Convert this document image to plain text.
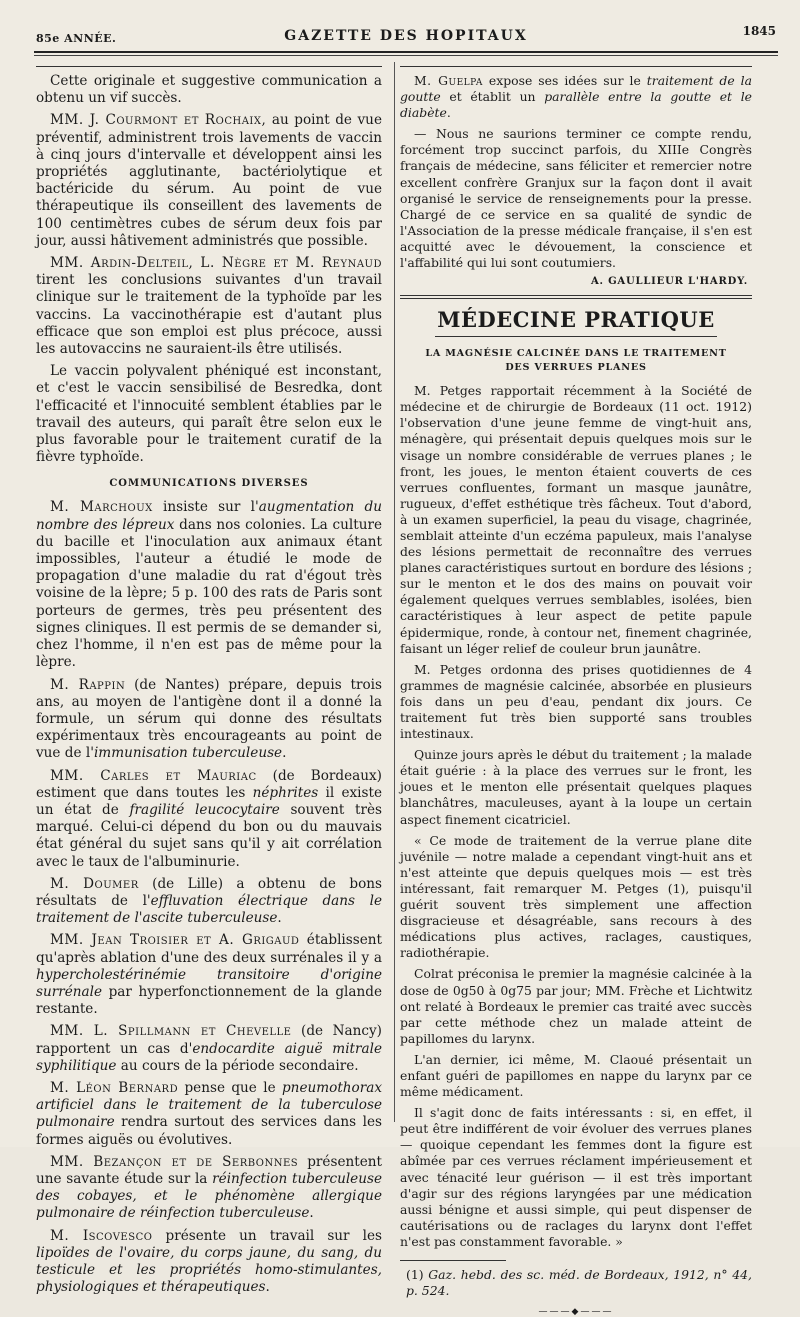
85e ANNÉE.	GAZETTE DES HOPITAUX	1845

Cette originale et suggestive communication a obtenu un vif succès.

MM. J. Courmont et Rochaix, au point de vue préventif, administrent trois lavements de vaccin à cinq jours d'intervalle et développent ainsi les propriétés agglutinante, bactériolytique et bactéricide du sérum. Au point de vue thérapeutique ils conseillent des lavements de 100 centimètres cubes de sérum deux fois par jour, aussi hâtivement administrés que possible.

MM. Ardin-Delteil, L. Nègre et M. Reynaud tirent les conclusions suivantes d'un travail clinique sur le traitement de la typhoïde par les vaccins. La vaccinothérapie est d'autant plus efficace que son emploi est plus précoce, aussi les autovaccins ne sauraient-ils être utilisés.

Le vaccin polyvalent phéniqué est inconstant, et c'est le vaccin sensibilisé de Besredka, dont l'efficacité et l'innocuité semblent établies par le travail des auteurs, qui paraît être selon eux le plus favorable pour le traitement curatif de la fièvre typhoïde.

COMMUNICATIONS DIVERSES

M. Marchoux insiste sur l'augmentation du nombre des lépreux dans nos colonies. La culture du bacille et l'inoculation aux animaux étant impossibles, l'auteur a étudié le mode de propagation d'une maladie du rat d'égout très voisine de la lèpre; 5 p. 100 des rats de Paris sont porteurs de germes, très peu présentent des signes cliniques. Il est permis de se demander si, chez l'homme, il n'en est pas de même pour la lèpre.

M. Rappin (de Nantes) prépare, depuis trois ans, au moyen de l'antigène dont il a donné la formule, un sérum qui donne des résultats expérimentaux très encourageants au point de vue de l'immunisation tuberculeuse.

MM. Carles et Mauriac (de Bordeaux) estiment que dans toutes les néphrites il existe un état de fragilité leucocytaire souvent très marqué. Celui-ci dépend du bon ou du mauvais état général du sujet sans qu'il y ait corrélation avec le taux de l'albuminurie.

M. Doumer (de Lille) a obtenu de bons résultats de l'effluvation électrique dans le traitement de l'ascite tuberculeuse.

MM. Jean Troisier et A. Grigaud établissent qu'après ablation d'une des deux surrénales il y a hypercholestérinémie transitoire d'origine surrénale par hyperfonctionnement de la glande restante.

MM. L. Spillmann et Chevelle (de Nancy) rapportent un cas d'endocardite aiguë mitrale syphilitique au cours de la période secondaire.

M. Léon Bernard pense que le pneumothorax artificiel dans le traitement de la tuberculose pulmonaire rendra surtout des services dans les formes aiguës ou évolutives.

MM. Bezançon et de Serbonnes présentent une savante étude sur la réinfection tuberculeuse des cobayes, et le phénomène allergique pulmonaire de réinfection tuberculeuse.

M. Iscovesco présente un travail sur les lipoïdes de l'ovaire, du corps jaune, du sang, du testicule et les propriétés homo-stimulantes, physiologiques et thérapeutiques.

M. Guelpa expose ses idées sur le traitement de la goutte et établit un parallèle entre la goutte et le diabète.

— Nous ne saurions terminer ce compte rendu, forcément trop succinct parfois, du XIIIe Congrès français de médecine, sans féliciter et remercier notre excellent confrère Granjux sur la façon dont il avait organisé le service de renseignements pour la presse. Chargé de ce service en sa qualité de syndic de l'Association de la presse médicale française, il s'en est acquitté avec le dévouement, la conscience et l'affabilité qui lui sont coutumiers.

A. GAULLIEUR L'HARDY.
MÉDECINE PRATIQUE
LA MAGNÉSIE CALCINÉE DANS LE TRAITEMENT
DES VERRUES PLANES

M. Petges rapportait récemment à la Société de médecine et de chirurgie de Bordeaux (11 oct. 1912) l'observation d'une jeune femme de vingt-huit ans, ménagère, qui présentait depuis quelques mois sur le visage un nombre considérable de verrues planes ; le front, les joues, le menton étaient couverts de ces verrues confluentes, formant un masque jaunâtre, rugueux, d'effet esthétique très fâcheux. Tout d'abord, à un examen superficiel, la peau du visage, chagrinée, semblait atteinte d'un eczéma papuleux, mais l'analyse des lésions permettait de reconnaître des verrues planes caractéristiques surtout en bordure des lésions ; sur le menton et le dos des mains on pouvait voir également quelques verrues semblables, isolées, bien caractéristiques à leur aspect de petite papule épidermique, ronde, à contour net, finement chagrinée, faisant un léger relief de couleur brun jaunâtre.

M. Petges ordonna des prises quotidiennes de 4 grammes de magnésie calcinée, absorbée en plusieurs fois dans un peu d'eau, pendant dix jours. Ce traitement fut très bien supporté sans troubles intestinaux.

Quinze jours après le début du traitement ; la malade était guérie : à la place des verrues sur le front, les joues et le menton elle présentait quelques plaques blanchâtres, maculeuses, ayant à la loupe un certain aspect finement cicatriciel.

« Ce mode de traitement de la verrue plane dite juvénile — notre malade a cependant vingt-huit ans et n'est atteinte que depuis quelques mois — est très intéressant, fait remarquer M. Petges (1), puisqu'il guérit souvent très simplement une affection disgracieuse et désagréable, sans recours à des médications plus actives, raclages, caustiques, radiothérapie.

Colrat préconisa le premier la magnésie calcinée à la dose de 0g50 à 0g75 par jour; MM. Frèche et Lichtwitz ont relaté à Bordeaux le premier cas traité avec succès par cette méthode chez un malade atteint de papillomes du larynx.

L'an dernier, ici même, M. Claoué présentait un enfant guéri de papillomes en nappe du larynx par ce même médicament.

Il s'agit donc de faits intéressants : si, en effet, il peut être indifférent de voir évoluer des verrues planes — quoique cependant les femmes dont la figure est abîmée par ces verrues réclament impérieusement et avec ténacité leur guérison — il est très important d'agir sur des régions laryngées par une médication aussi bénigne et aussi simple, qui peut dispenser de cautérisations ou de raclages du larynx dont l'effet n'est pas constamment favorable. »

(1) Gaz. hebd. des sc. méd. de Bordeaux, 1912, n° 44, p. 524.

———◆———
